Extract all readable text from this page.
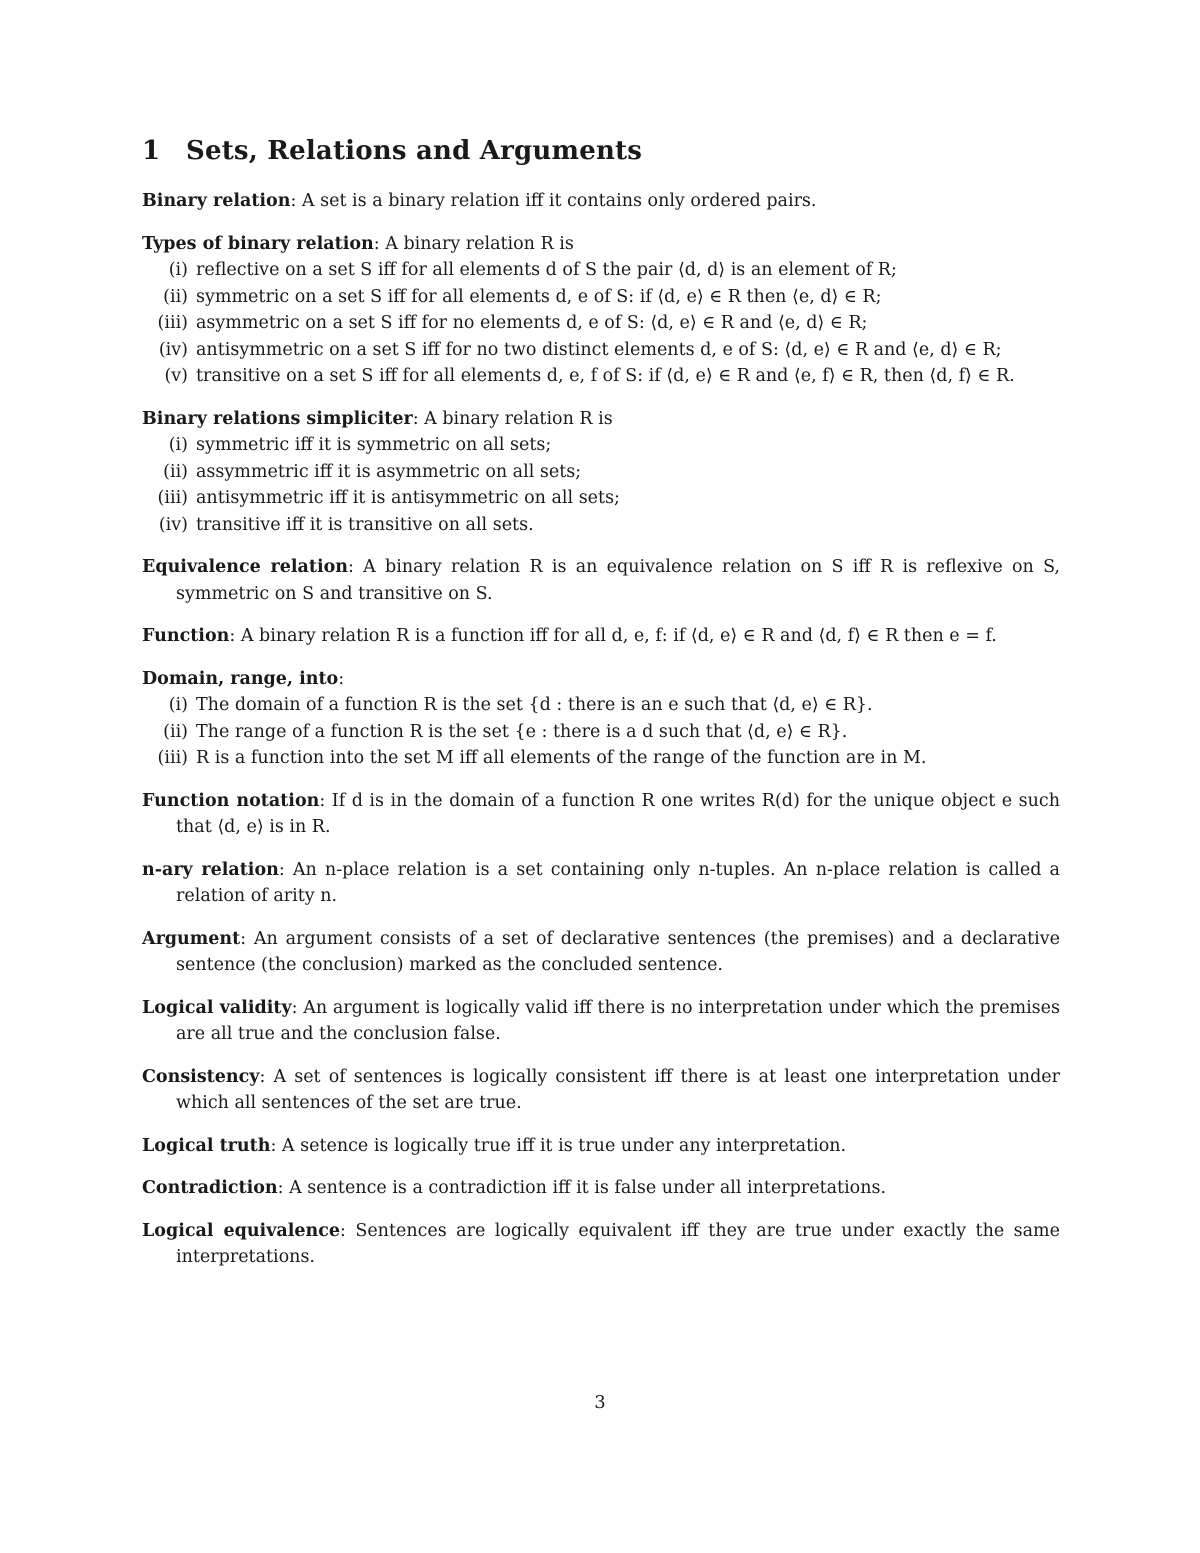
1 Sets, Relations and Arguments
Binary relation: A set is a binary relation iff it contains only ordered pairs.
Types of binary relation: A binary relation R is
(i) reflective on a set S iff for all elements d of S the pair ⟨d, d⟩ is an element of R;
(ii) symmetric on a set S iff for all elements d, e of S: if ⟨d, e⟩ ∈ R then ⟨e, d⟩ ∈ R;
(iii) asymmetric on a set S iff for no elements d, e of S: ⟨d, e⟩ ∈ R and ⟨e, d⟩ ∈ R;
(iv) antisymmetric on a set S iff for no two distinct elements d, e of S: ⟨d, e⟩ ∈ R and ⟨e, d⟩ ∈ R;
(v) transitive on a set S iff for all elements d, e, f of S: if ⟨d, e⟩ ∈ R and ⟨e, f⟩ ∈ R, then ⟨d, f⟩ ∈ R.
Binary relations simpliciter: A binary relation R is
(i) symmetric iff it is symmetric on all sets;
(ii) assymmetric iff it is asymmetric on all sets;
(iii) antisymmetric iff it is antisymmetric on all sets;
(iv) transitive iff it is transitive on all sets.
Equivalence relation: A binary relation R is an equivalence relation on S iff R is reflexive on S, symmetric on S and transitive on S.
Function: A binary relation R is a function iff for all d, e, f: if ⟨d, e⟩ ∈ R and ⟨d, f⟩ ∈ R then e = f.
Domain, range, into:
(i) The domain of a function R is the set {d : there is an e such that ⟨d, e⟩ ∈ R}.
(ii) The range of a function R is the set {e : there is a d such that ⟨d, e⟩ ∈ R}.
(iii) R is a function into the set M iff all elements of the range of the function are in M.
Function notation: If d is in the domain of a function R one writes R(d) for the unique object e such that ⟨d, e⟩ is in R.
n-ary relation: An n-place relation is a set containing only n-tuples. An n-place relation is called a relation of arity n.
Argument: An argument consists of a set of declarative sentences (the premises) and a declarative sentence (the conclusion) marked as the concluded sentence.
Logical validity: An argument is logically valid iff there is no interpretation under which the premises are all true and the conclusion false.
Consistency: A set of sentences is logically consistent iff there is at least one interpretation under which all sentences of the set are true.
Logical truth: A setence is logically true iff it is true under any interpretation.
Contradiction: A sentence is a contradiction iff it is false under all interpretations.
Logical equivalence: Sentences are logically equivalent iff they are true under exactly the same interpretations.
3
